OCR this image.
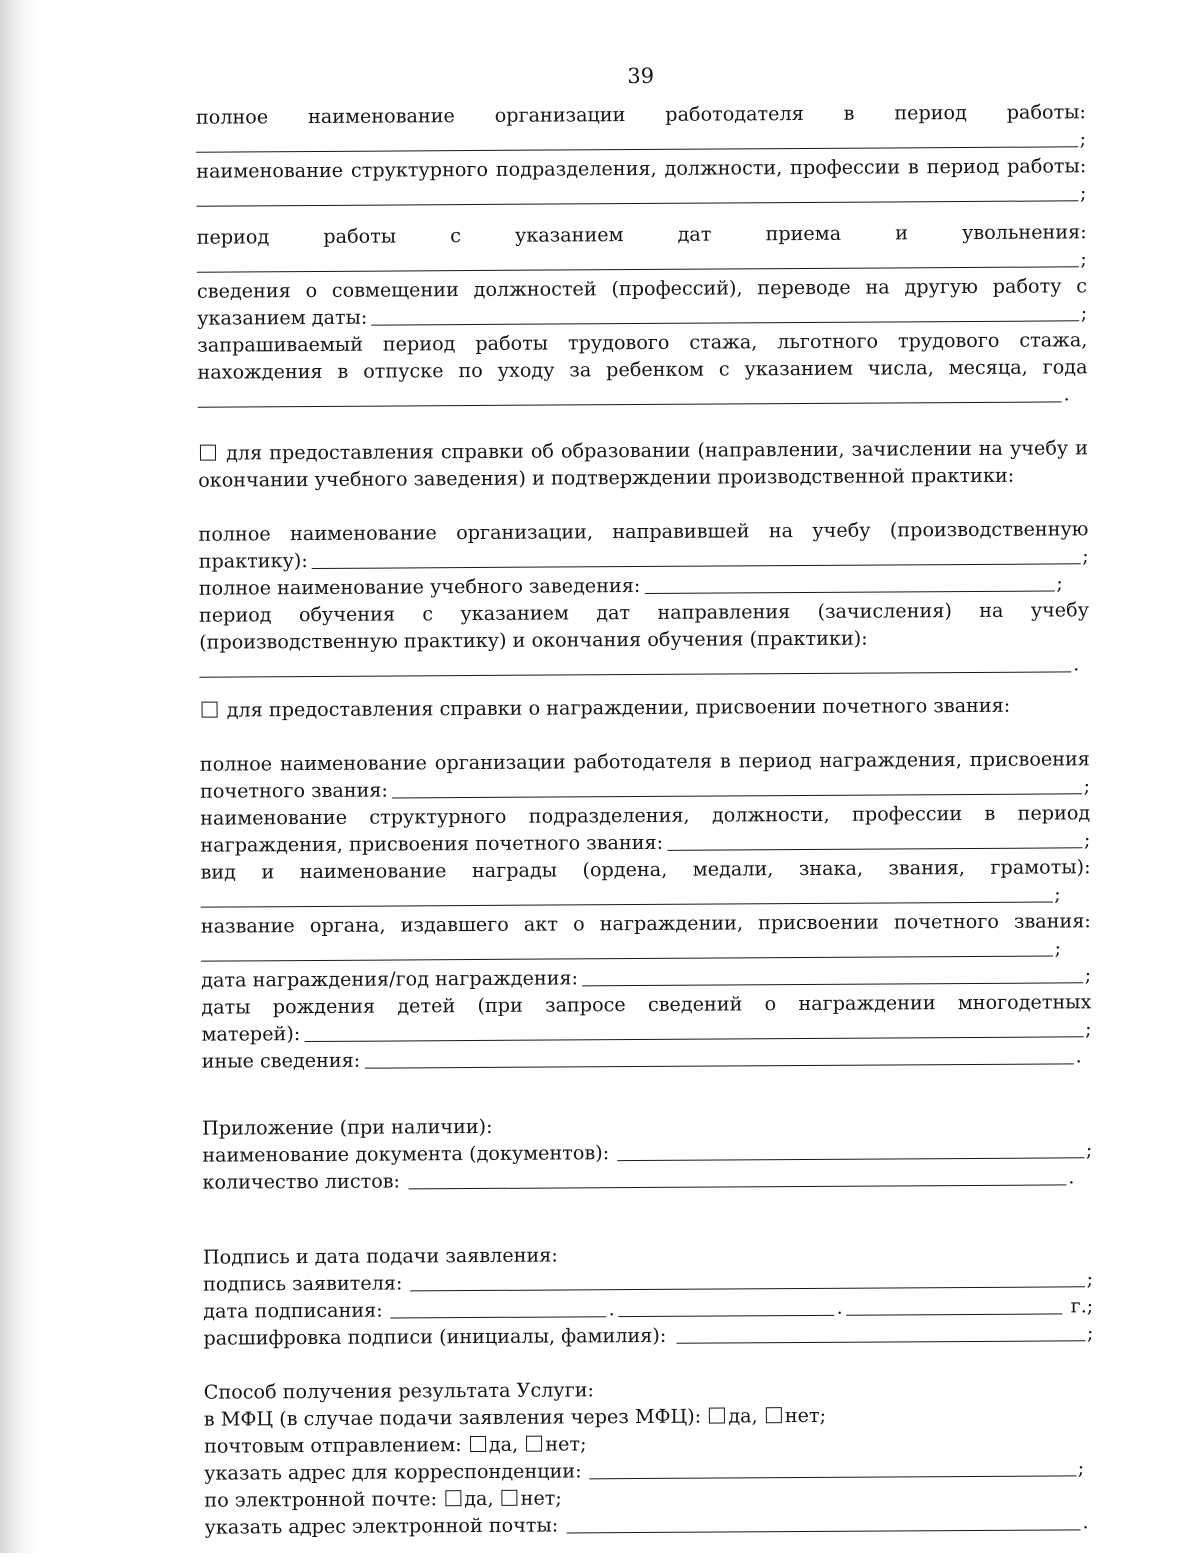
39
полное наименование организации работодателя в период работы:
;
наименование структурного подразделения, должности, профессии в период работы:
;
период работы с указанием дат приема и увольнения:
;
сведения о совмещении должностей (профессий), переводе на другую работу с
указанием даты:	;
запрашиваемый период работы трудового стажа, льготного трудового стажа,
нахождения в отпуске по уходу за ребенком с указанием числа, месяца, года
.
для предоставления справки об образовании (направлении, зачислении на учебу и
окончании учебного заведения) и подтверждении производственной практики:
полное наименование организации, направившей на учебу (производственную
практику):	;
полное наименование учебного заведения:	;
период обучения с указанием дат направления (зачисления) на учебу
(производственную практику) и окончания обучения (практики):
.
для предоставления справки о награждении, присвоении почетного звания:
полное наименование организации работодателя в период награждения, присвоения
почетного звания:	;
наименование структурного подразделения, должности, профессии в период
награждения, присвоения почетного звания:	;
вид и наименование награды (ордена, медали, знака, звания, грамоты):
;
название органа, издавшего акт о награждении, присвоении почетного звания:
;
дата награждения/год награждения:	;
даты рождения детей (при запросе сведений о награждении многодетных
матерей):	;
иные сведения:	.
Приложение (при наличии):
наименование документа (документов):	;
количество листов:	.
Подпись и дата подачи заявления:
подпись заявителя:	;
дата подписания:	.	.	г.;
расшифровка подписи (инициалы, фамилия):	;
Способ получения результата Услуги:
в МФЦ (в случае подачи заявления через МФЦ): да, нет;
почтовым отправлением: да, нет;
указать адрес для корреспонденции:	;
по электронной почте: да, нет;
указать адрес электронной почты:	.
